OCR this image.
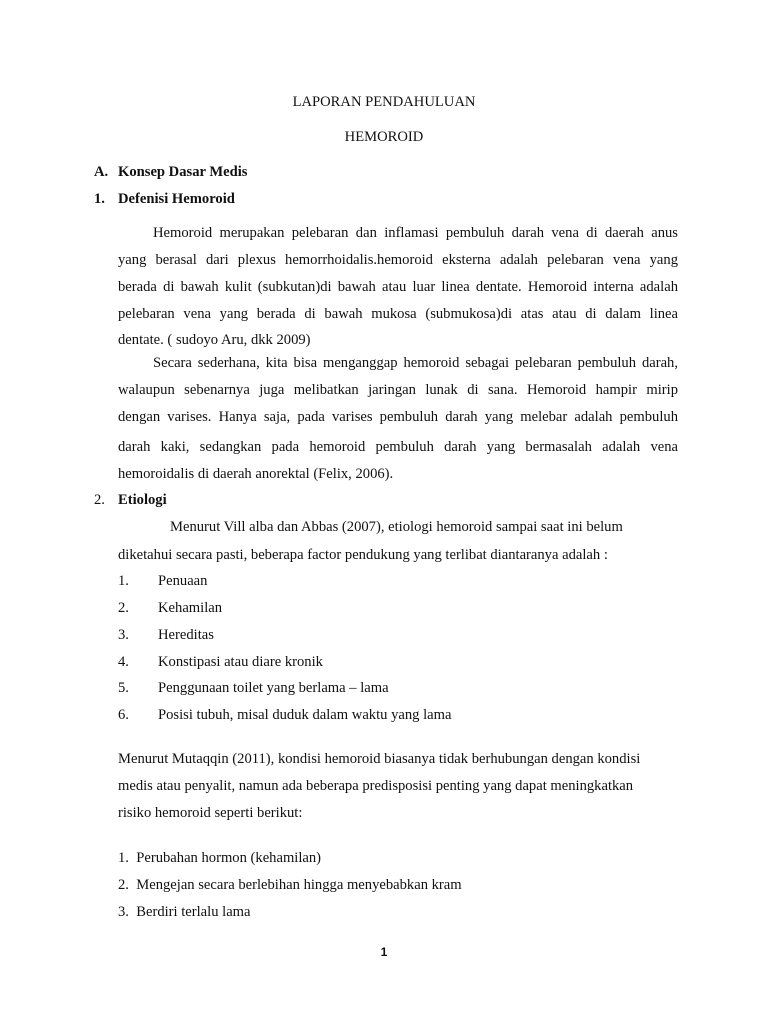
LAPORAN PENDAHULUAN
HEMOROID
A. Konsep Dasar Medis
1. Defenisi Hemoroid
Hemoroid merupakan pelebaran dan inflamasi pembuluh darah vena di daerah anus
yang berasal dari plexus hemorrhoidalis.hemoroid eksterna adalah pelebaran vena yang
berada di bawah kulit (subkutan)di bawah atau luar linea dentate. Hemoroid interna adalah
pelebaran vena yang berada di bawah mukosa (submukosa)di atas atau di dalam linea
dentate. ( sudoyo Aru, dkk 2009)
Secara sederhana, kita bisa menganggap hemoroid sebagai pelebaran pembuluh darah,
walaupun sebenarnya juga melibatkan jaringan lunak di sana. Hemoroid hampir mirip
dengan varises. Hanya saja, pada varises pembuluh darah yang melebar adalah pembuluh
darah kaki, sedangkan pada hemoroid pembuluh darah yang bermasalah adalah vena
hemoroidalis di daerah anorektal (Felix, 2006).
2. Etiologi
Menurut Vill alba dan Abbas (2007), etiologi hemoroid sampai saat ini belum
diketahui secara pasti, beberapa factor pendukung yang terlibat diantaranya adalah :
1. Penuaan
2. Kehamilan
3. Hereditas
4. Konstipasi atau diare kronik
5. Penggunaan toilet yang berlama – lama
6. Posisi tubuh, misal duduk dalam waktu yang lama
Menurut Mutaqqin (2011), kondisi hemoroid biasanya tidak berhubungan dengan kondisi
medis atau penyalit, namun ada beberapa predisposisi penting yang dapat meningkatkan
risiko hemoroid seperti berikut:
1.  Perubahan hormon (kehamilan)
2.  Mengejan secara berlebihan hingga menyebabkan kram
3.  Berdiri terlalu lama
1
